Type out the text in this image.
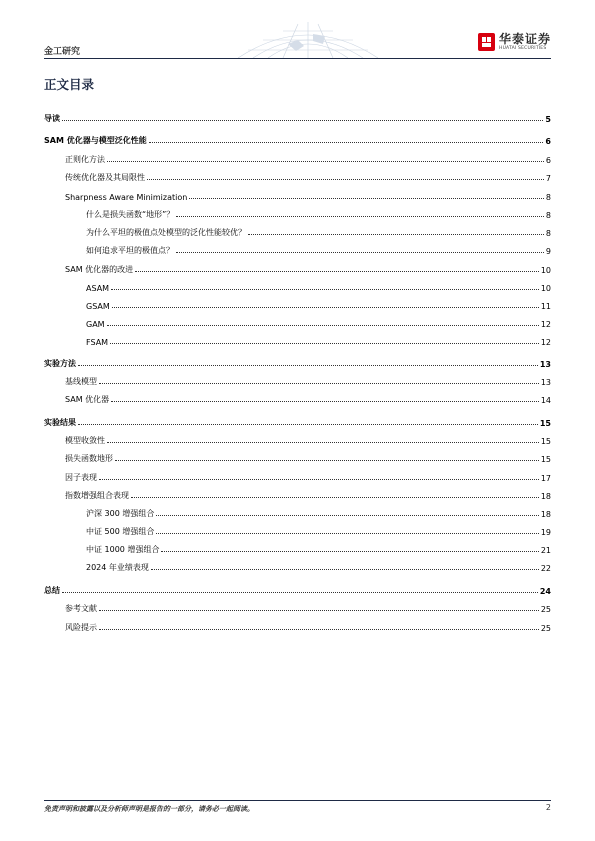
金工研究
华泰证券
HUATAI SECURITIES
正文目录
导读	5
SAM 优化器与模型泛化性能	6
正则化方法	6
传统优化器及其局限性	7
Sharpness Aware Minimization	8
什么是损失函数“地形”？	8
为什么平坦的极值点处模型的泛化性能较优？	8
如何追求平坦的极值点？	9
SAM 优化器的改进	10
ASAM	10
GSAM	11
GAM	12
FSAM	12
实验方法	13
基线模型	13
SAM 优化器	14
实验结果	15
模型收敛性	15
损失函数地形	15
因子表现	17
指数增强组合表现	18
沪深 300 增强组合	18
中证 500 增强组合	19
中证 1000 增强组合	21
2024 年业绩表现	22
总结	24
参考文献	25
风险提示	25
免责声明和披露以及分析师声明是报告的一部分，请务必一起阅读。	2
